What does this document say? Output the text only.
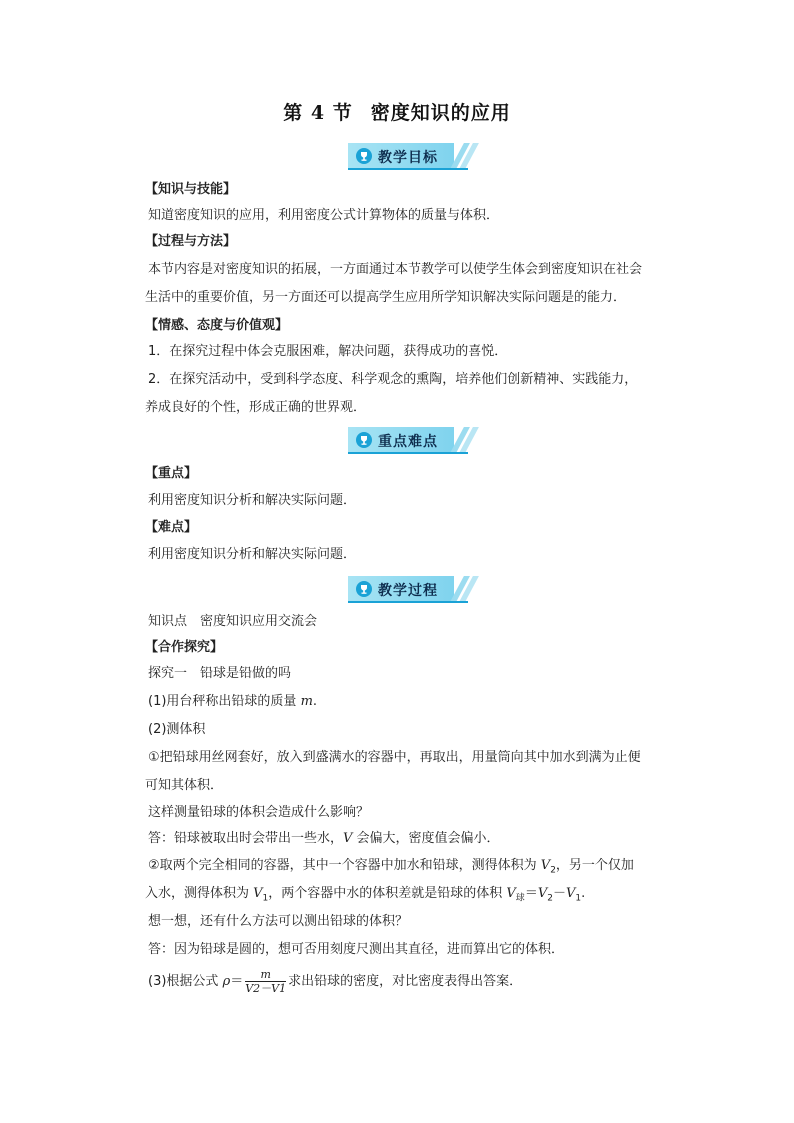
第 4 节 密度知识的应用
教学目标
【知识与技能】
知道密度知识的应用，利用密度公式计算物体的质量与体积．
【过程与方法】
本节内容是对密度知识的拓展，一方面通过本节教学可以使学生体会到密度知识在社会
生活中的重要价值，另一方面还可以提高学生应用所学知识解决实际问题是的能力．
【情感、态度与价值观】
1．在探究过程中体会克服困难，解决问题，获得成功的喜悦．
2．在探究活动中，受到科学态度、科学观念的熏陶，培养他们创新精神、实践能力，
养成良好的个性，形成正确的世界观．
重点难点
【重点】
利用密度知识分析和解决实际问题．
【难点】
利用密度知识分析和解决实际问题．
教学过程
知识点　密度知识应用交流会
【合作探究】
探究一　铅球是铅做的吗
(1)用台秤称出铅球的质量 m.
(2)测体积
①把铅球用丝网套好，放入到盛满水的容器中，再取出，用量筒向其中加水到满为止便
可知其体积．
这样测量铅球的体积会造成什么影响？
答：铅球被取出时会带出一些水，V 会偏大，密度值会偏小．
②取两个完全相同的容器，其中一个容器中加水和铅球，测得体积为 $V_2$，另一个仅加
入水，测得体积为 $V_1$，两个容器中水的体积差就是铅球的体积 $V_球=V_2-V_1$.
想一想，还有什么方法可以测出铅球的体积？
答：因为铅球是圆的，想可否用刻度尺测出其直径，进而算出它的体积．
(3)根据公式 $\rho= \frac{m}{V2-V1}$ 求出铅球的密度，对比密度表得出答案．
